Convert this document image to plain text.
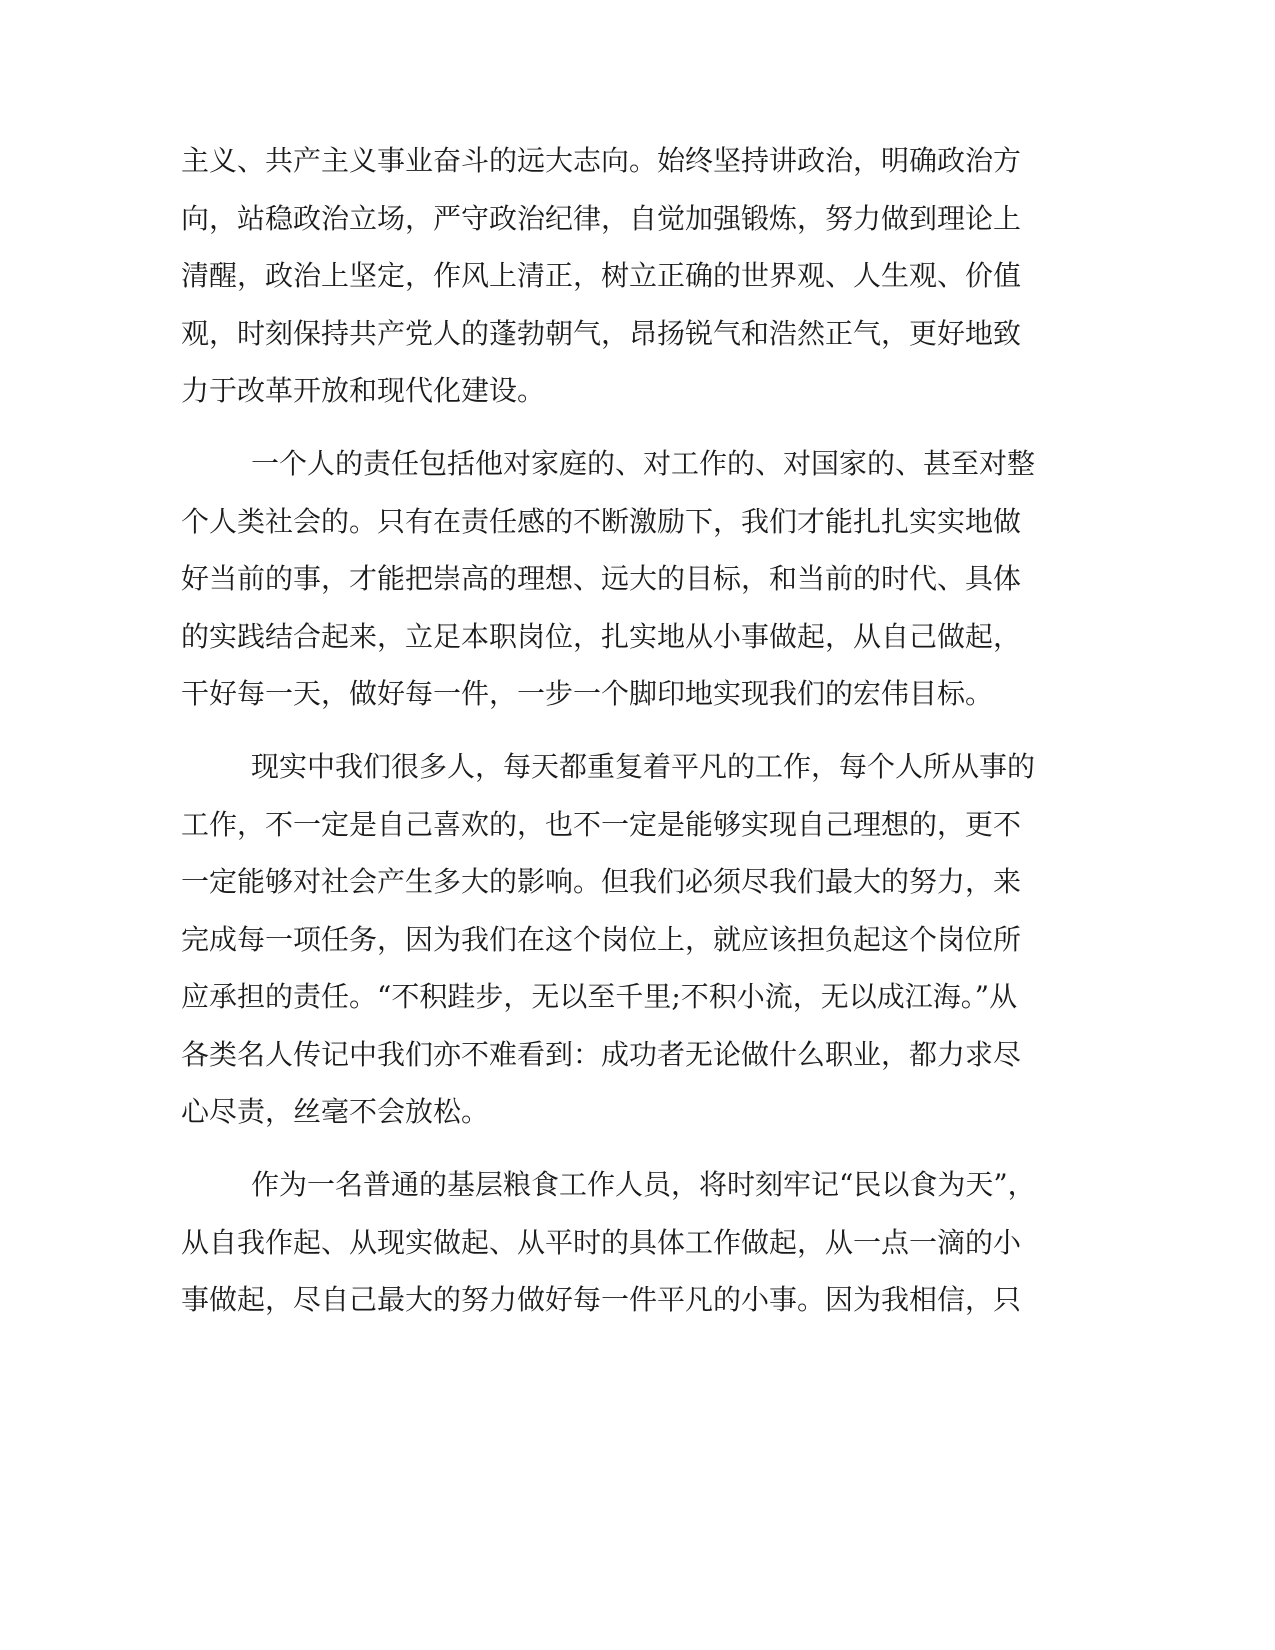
主义、共产主义事业奋斗的远大志向。始终坚持讲政治，明确政治方
向，站稳政治立场，严守政治纪律，自觉加强锻炼，努力做到理论上
清醒，政治上坚定，作风上清正，树立正确的世界观、人生观、价值
观，时刻保持共产党人的蓬勃朝气，昂扬锐气和浩然正气，更好地致
力于改革开放和现代化建设。
一个人的责任包括他对家庭的、对工作的、对国家的、甚至对整
个人类社会的。只有在责任感的不断激励下，我们才能扎扎实实地做
好当前的事，才能把崇高的理想、远大的目标，和当前的时代、具体
的实践结合起来，立足本职岗位，扎实地从小事做起，从自己做起，
干好每一天，做好每一件，一步一个脚印地实现我们的宏伟目标。
现实中我们很多人，每天都重复着平凡的工作，每个人所从事的
工作，不一定是自己喜欢的，也不一定是能够实现自己理想的，更不
一定能够对社会产生多大的影响。但我们必须尽我们最大的努力，来
完成每一项任务，因为我们在这个岗位上，就应该担负起这个岗位所
应承担的责任。“不积跬步，无以至千里;不积小流，无以成江海。”从
各类名人传记中我们亦不难看到：成功者无论做什么职业，都力求尽
心尽责，丝毫不会放松。
作为一名普通的基层粮食工作人员，将时刻牢记“民以食为天”，
从自我作起、从现实做起、从平时的具体工作做起，从一点一滴的小
事做起，尽自己最大的努力做好每一件平凡的小事。因为我相信，只
